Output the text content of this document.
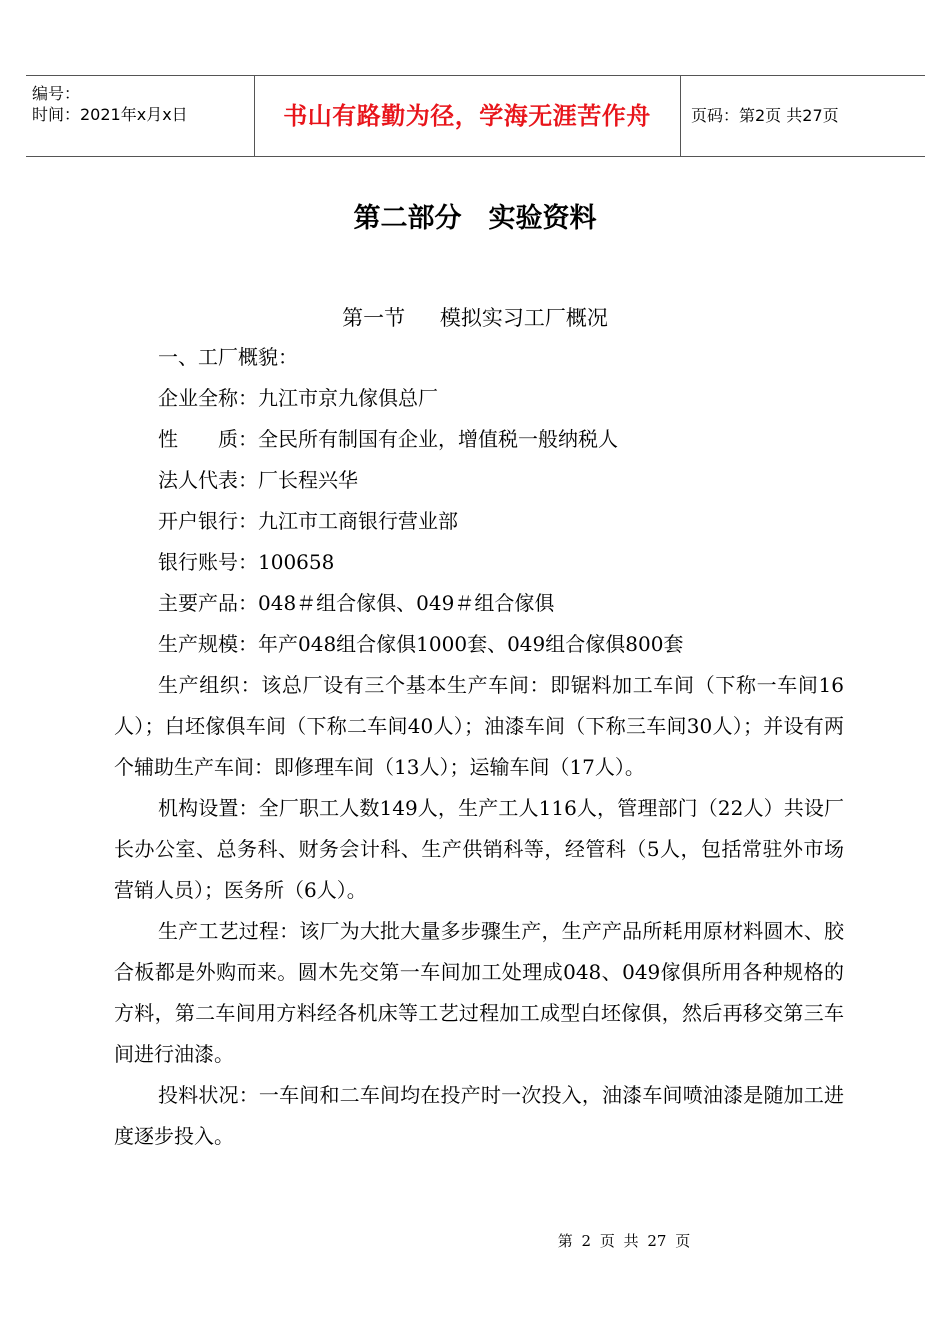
编号：
时间：2021年x月x日	书山有路勤为径，学海无涯苦作舟	页码：第2页 共27页
第二部分　实验资料
第一节 模拟实习工厂概况

一、工厂概貌：

企业全称：九江市京九傢俱总厂

性　　质：全民所有制国有企业，增值税一般纳税人

法人代表：厂长程兴华

开户银行：九江市工商银行营业部

银行账号：100658

主要产品：048＃组合傢俱、049＃组合傢俱

生产规模：年产048组合傢俱1000套、049组合傢俱800套

生产组织：该总厂设有三个基本生产车间：即锯料加工车间（下称一车间16人）；白坯傢俱车间（下称二车间40人）；油漆车间（下称三车间30人）；并设有两个辅助生产车间：即修理车间（13人）；运输车间（17人）。

机构设置：全厂职工人数149人，生产工人116人，管理部门（22人）共设厂长办公室、总务科、财务会计科、生产供销科等，经管科（5人，包括常驻外市场营销人员）；医务所（6人）。

生产工艺过程：该厂为大批大量多步骤生产，生产产品所耗用原材料圆木、胶合板都是外购而来。圆木先交第一车间加工处理成048、049傢俱所用各种规格的方料，第二车间用方料经各机床等工艺过程加工成型白坯傢俱，然后再移交第三车间进行油漆。

投料状况：一车间和二车间均在投产时一次投入，油漆车间喷油漆是随加工进度逐步投入。

第 2 页 共 27 页
